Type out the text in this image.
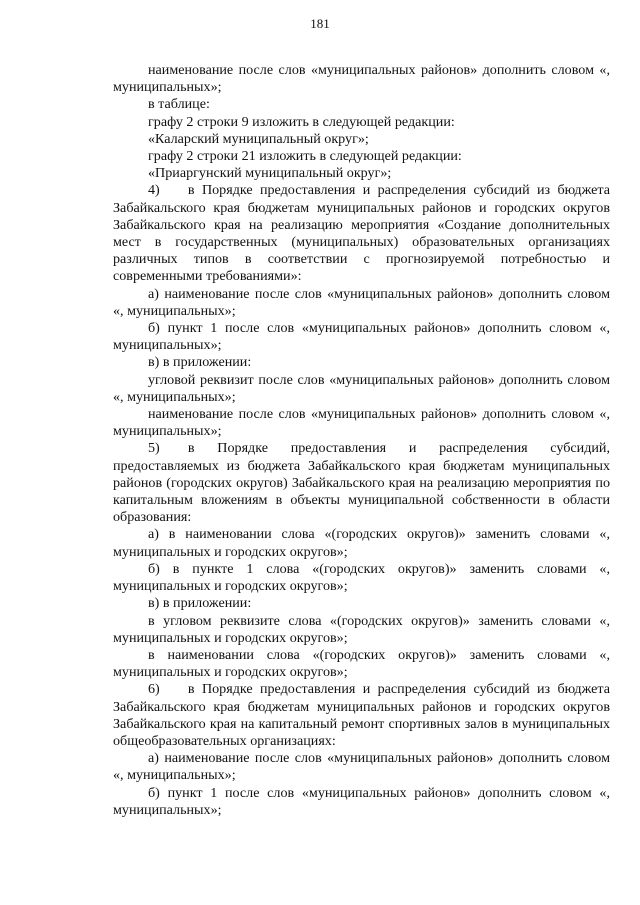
181

наименование после слов «муниципальных районов» дополнить словом «, муниципальных»;

в таблице:

графу 2 строки 9 изложить в следующей редакции:

«Каларский муниципальный округ»;

графу 2 строки 21 изложить в следующей редакции:

«Приаргунский муниципальный округ»;

4)  в Порядке предоставления и распределения субсидий из бюджета Забайкальского края бюджетам муниципальных районов и городских округов Забайкальского края на реализацию мероприятия «Создание дополнительных мест в государственных (муниципальных) образовательных организациях различных типов в соответствии с прогнозируемой потребностью и современными требованиями»:

а) наименование после слов «муниципальных районов» дополнить словом «, муниципальных»;

б) пункт 1 после слов «муниципальных районов» дополнить словом «, муниципальных»;

в) в приложении:

угловой реквизит после слов «муниципальных районов» дополнить словом «, муниципальных»;

наименование после слов «муниципальных районов» дополнить словом «, муниципальных»;

5)  в Порядке предоставления и распределения субсидий, предоставляемых из бюджета Забайкальского края бюджетам муниципальных районов (городских округов) Забайкальского края на реализацию мероприятия по капитальным вложениям в объекты муниципальной собственности в области образования:

а) в наименовании слова «(городских округов)» заменить словами «, муниципальных и городских округов»;

б) в пункте 1 слова «(городских округов)» заменить словами «, муниципальных и городских округов»;

в) в приложении:

в угловом реквизите слова «(городских округов)» заменить словами «, муниципальных и городских округов»;

в наименовании слова «(городских округов)» заменить словами «, муниципальных и городских округов»;

6)  в Порядке предоставления и распределения субсидий из бюджета Забайкальского края бюджетам муниципальных районов и городских округов Забайкальского края на капитальный ремонт спортивных залов в муниципальных общеобразовательных организациях:

а) наименование после слов «муниципальных районов» дополнить словом «, муниципальных»;

б) пункт 1 после слов «муниципальных районов» дополнить словом «, муниципальных»;
